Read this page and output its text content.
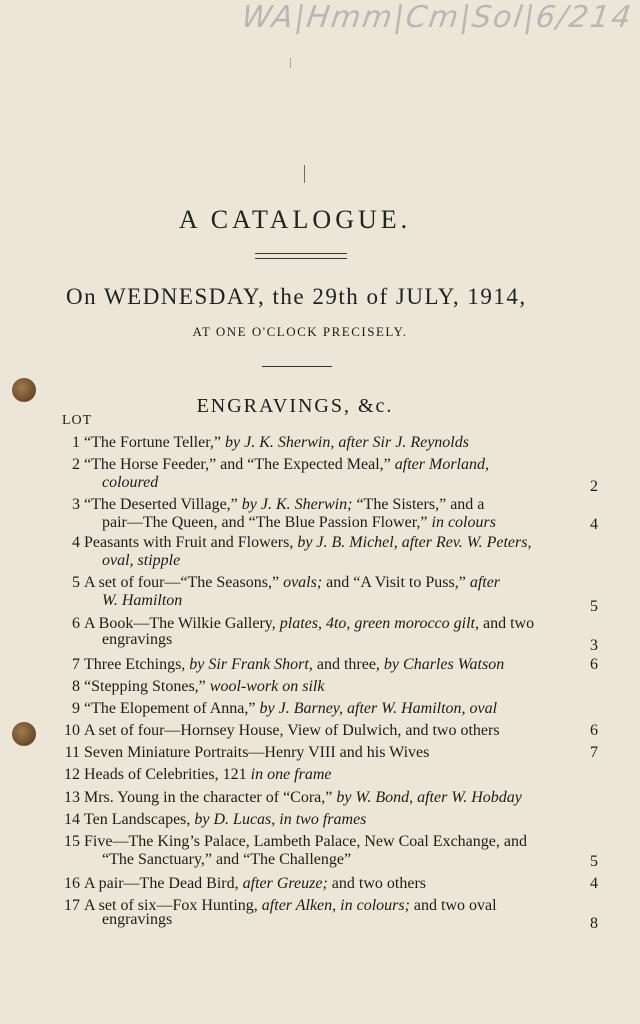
WA|Hmm|Cm|Sol|6/214
A CATALOGUE.
On WEDNESDAY, the 29th of JULY, 1914,
AT ONE O'CLOCK PRECISELY.
ENGRAVINGS, &c.
LOT
1 “The Fortune Teller,” by J. K. Sherwin, after Sir J. Reynolds
2 “The Horse Feeder,” and “The Expected Meal,” after Morland,
coloured	2
3 “The Deserted Village,” by J. K. Sherwin; “The Sisters,” and a
pair—The Queen, and “The Blue Passion Flower,” in colours	4
4 Peasants with Fruit and Flowers, by J. B. Michel, after Rev. W. Peters,
oval, stipple
5 A set of four—“The Seasons,” ovals; and “A Visit to Puss,” after
W. Hamilton	5
6 A Book—The Wilkie Gallery, plates, 4to, green morocco gilt, and two
engravings	3
7 Three Etchings, by Sir Frank Short, and three, by Charles Watson	6
8 “Stepping Stones,” wool-work on silk
9 “The Elopement of Anna,” by J. Barney, after W. Hamilton, oval
10 A set of four—Hornsey House, View of Dulwich, and two others	6
11 Seven Miniature Portraits—Henry VIII and his Wives	7
12 Heads of Celebrities, 121 in one frame
13 Mrs. Young in the character of “Cora,” by W. Bond, after W. Hobday
14 Ten Landscapes, by D. Lucas, in two frames
15 Five—The King’s Palace, Lambeth Palace, New Coal Exchange, and
“The Sanctuary,” and “The Challenge”	5
16 A pair—The Dead Bird, after Greuze; and two others	4
17 A set of six—Fox Hunting, after Alken, in colours; and two oval
engravings	8
